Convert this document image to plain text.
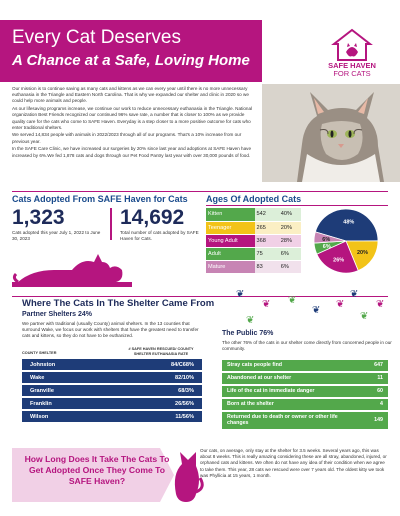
Every Cat Deserves
A Chance at a Safe, Loving Home	SAFE HAVEN
FOR CATS

Our mission is to continue saving as many cats and kittens as we can every year until there is no more unnecessary euthanasia in the Triangle and Eastern North Carolina. That is why we expanded our shelter and clinic in 2020 so we could help more animals and people.

As our lifesaving programs increase, we continue our work to reduce unnecessary euthanasia in the Triangle. National organization Best Friends recognized our continued 96% save rate, a number that is closer to 100% as we provide quality care for the cats who come to SAFE Haven. Everyday is a step closer to a more positive outcome for cats who enter traditional shelters.

We served 14,834 people with animals in 2022/2023 through all of our programs. That's a 10% increase from our previous year.

In the SAFE Care Clinic, we have increased our surgeries by 20% since last year and adoptions at SAFE Haven have increased by 6%.We fed 1,878 cats and dogs through our Pet Food Pantry last year with over 30,000 pounds of food.

Cats Adopted From SAFE Haven for Cats
1,323
Cats adopted this year July 1, 2022 to June 30, 2023
14,692
Total number of cats adopted by SAFE Haven for Cats.
Ages Of Adopted Cats
Kitten	542	40%
Teenager	265	20%
Young Adult	368	28%
Adult	75	6%
Mature	83	6%
48%
20%
26%
6%
6%
Where The Cats In The Shelter Came From
Partner Shelters 24%
We partner with traditional (usually County) animal shelters. In the 13 counties that surround Wake, we focus our work with shelters that have the greatest need to transfer cats and kittens, so they do not have to be euthanized.
COUNTY SHELTER
# SAFE HAVEN RESCUED/ COUNTY SHELTER EUTHANASIA RATE
Johnston	84/C68%
Wake	82/10%
Granville	68/3%
Franklin	26/56%
Wilson	11/56%
❦
❦ ❦
❦
❦
❦
❦
❦
❦
The Public 76%
The other 76% of the cats in our shelter come directly from concerned people in our community.
Stray cats people find	647
Abandoned at our shelter	11
Life of the cat in immediate danger	60
Born at the shelter	4
Returned due to death or owner or other life changes	149
How Long Does It Take The Cats To Get Adopted Once They Come To SAFE Haven?
Our cats, on average, only stay at the shelter for 3.5 weeks. Several years ago, this was about 8 weeks. This is really amazing considering these are all stray, abandoned, injured, or orphaned cats and kittens. We often do not have any idea of their condition when we agree to take them. This year, 28 cats we rescued were over 7 years old. The oldest kitty we took was Phyllicia at 15 years, 1 month.
